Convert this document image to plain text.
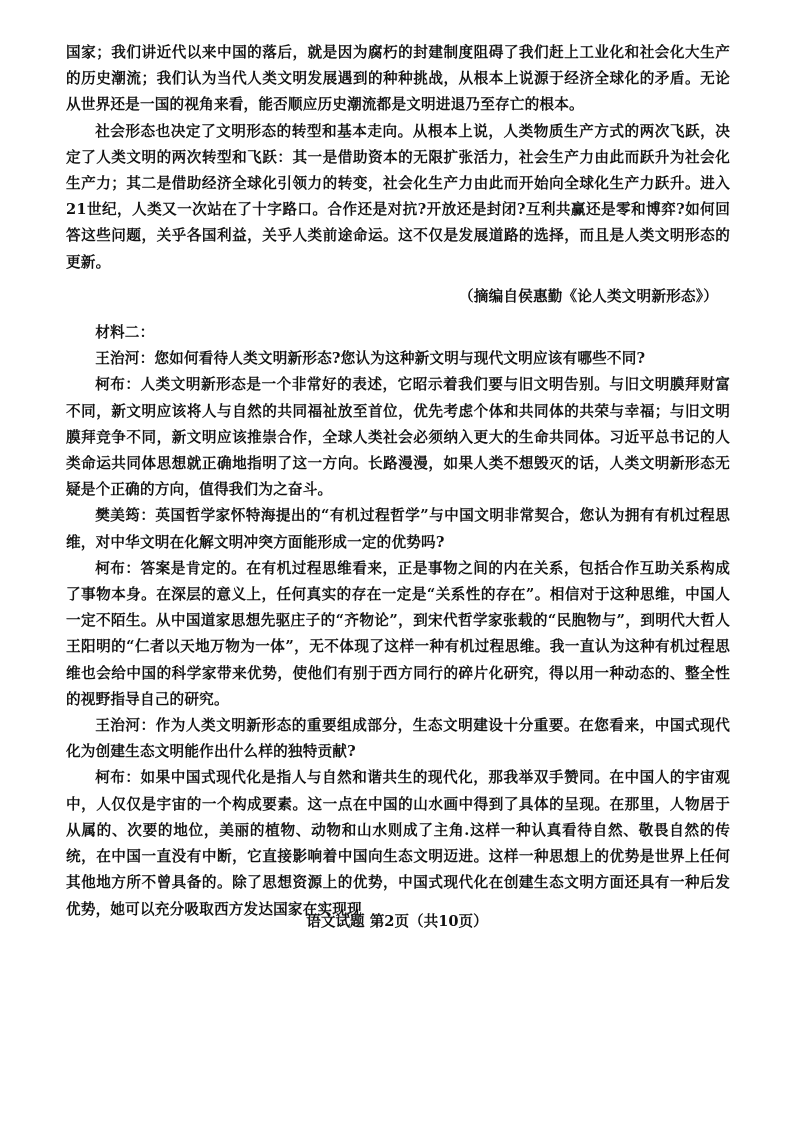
国家；我们讲近代以来中国的落后，就是因为腐朽的封建制度阻碍了我们赶上工业化和社会化大生产的历史潮流；我们认为当代人类文明发展遇到的种种挑战，从根本上说源于经济全球化的矛盾。无论从世界还是一国的视角来看，能否顺应历史潮流都是文明进退乃至存亡的根本。

社会形态也决定了文明形态的转型和基本走向。从根本上说，人类物质生产方式的两次飞跃，决定了人类文明的两次转型和飞跃：其一是借助资本的无限扩张活力，社会生产力由此而跃升为社会化生产力；其二是借助经济全球化引领力的转变，社会化生产力由此而开始向全球化生产力跃升。进入21世纪，人类又一次站在了十字路口。合作还是对抗?开放还是封闭?互利共赢还是零和博弈?如何回答这些问题，关乎各国利益，关乎人类前途命运。这不仅是发展道路的选择，而且是人类文明形态的更新。

（摘编自侯惠勤《论人类文明新形态》）

材料二：

王治河：您如何看待人类文明新形态?您认为这种新文明与现代文明应该有哪些不同?

柯布：人类文明新形态是一个非常好的表述，它昭示着我们要与旧文明告别。与旧文明膜拜财富不同，新文明应该将人与自然的共同福祉放至首位，优先考虑个体和共同体的共荣与幸福；与旧文明膜拜竞争不同，新文明应该推崇合作，全球人类社会必须纳入更大的生命共同体。习近平总书记的人类命运共同体思想就正确地指明了这一方向。长路漫漫，如果人类不想毁灭的话，人类文明新形态无疑是个正确的方向，值得我们为之奋斗。

樊美筠：英国哲学家怀特海提出的“有机过程哲学”与中国文明非常契合，您认为拥有有机过程思维，对中华文明在化解文明冲突方面能形成一定的优势吗?

柯布：答案是肯定的。在有机过程思维看来，正是事物之间的内在关系，包括合作互助关系构成了事物本身。在深层的意义上，任何真实的存在一定是“关系性的存在”。相信对于这种思维，中国人一定不陌生。从中国道家思想先驱庄子的“齐物论”，到宋代哲学家张载的“民胞物与”，到明代大哲人王阳明的“仁者以天地万物为一体”，无不体现了这样一种有机过程思维。我一直认为这种有机过程思维也会给中国的科学家带来优势，使他们有别于西方同行的碎片化研究，得以用一种动态的、整全性的视野指导自己的研究。

王治河：作为人类文明新形态的重要组成部分，生态文明建设十分重要。在您看来，中国式现代化为创建生态文明能作出什么样的独特贡献?

柯布：如果中国式现代化是指人与自然和谐共生的现代化，那我举双手赞同。在中国人的宇宙观中，人仅仅是宇宙的一个构成要素。这一点在中国的山水画中得到了具体的呈现。在那里，人物居于从属的、次要的地位，美丽的植物、动物和山水则成了主角.这样一种认真看待自然、敬畏自然的传统，在中国一直没有中断，它直接影响着中国向生态文明迈进。这样一种思想上的优势是世界上任何其他地方所不曾具备的。除了思想资源上的优势，中国式现代化在创建生态文明方面还具有一种后发优势，她可以充分吸取西方发达国家在实现现

语文试题 第2页（共10页）
